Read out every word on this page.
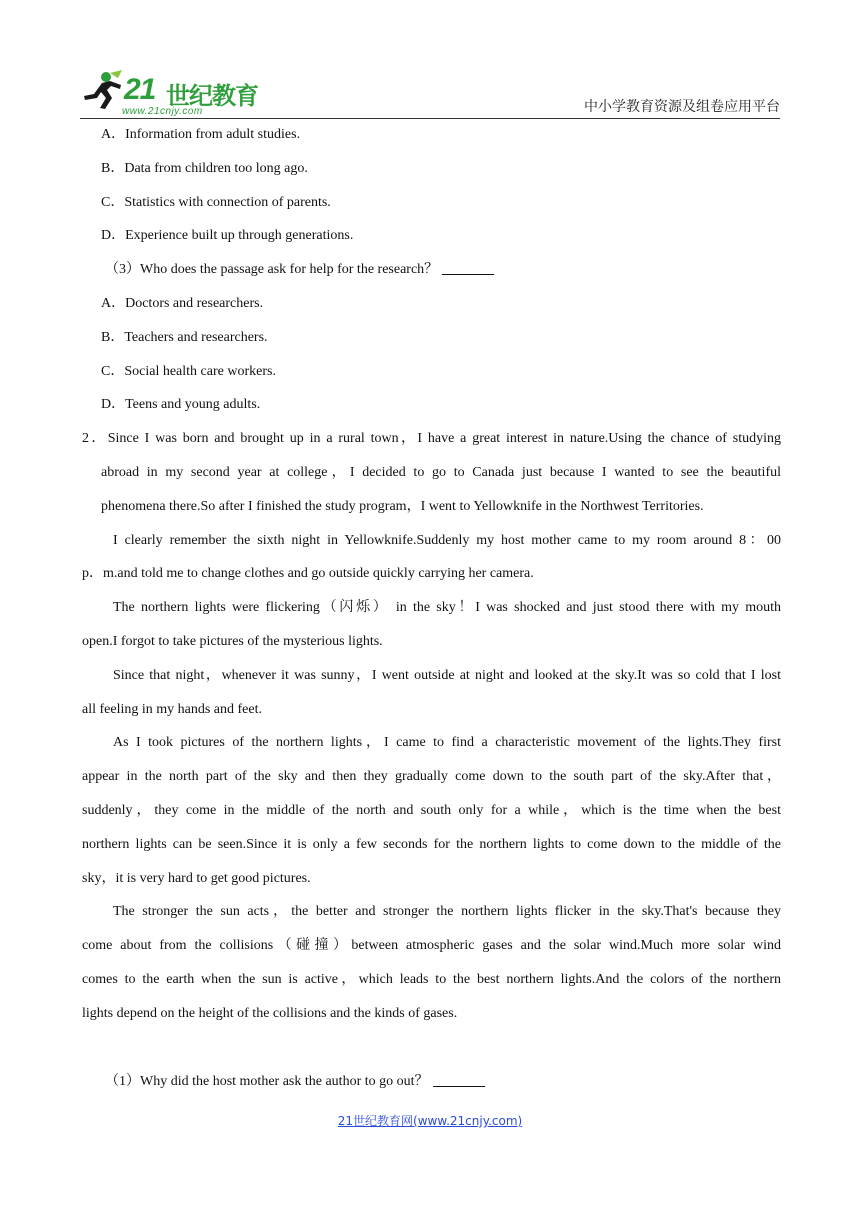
21 世纪教育
www.21cnjy.com	中小学教育资源及组卷应用平台
A．Information from adult studies.
B．Data from children too long ago.
C．Statistics with connection of parents.
D．Experience built up through generations.
（3）Who does the passage ask for help for the research？
A．Doctors and researchers.
B．Teachers and researchers.
C．Social health care workers.
D．Teens and young adults.
2．Since I was born and brought up in a rural town，I have a great interest in nature.Using the chance of studying
abroad in my second year at college，I decided to go to Canada just because I wanted to see the beautiful
phenomena there.So after I finished the study program，I went to Yellowknife in the Northwest Territories.
I clearly remember the sixth night in Yellowknife.Suddenly my host mother came to my room around 8：00
p．m.and told me to change clothes and go outside quickly carrying her camera.
The northern lights were flickering（闪烁） in the sky！I was shocked and just stood there with my mouth
open.I forgot to take pictures of the mysterious lights.
Since that night，whenever it was sunny，I went outside at night and looked at the sky.It was so cold that I lost
all feeling in my hands and feet.
As I took pictures of the northern lights，I came to find a characteristic movement of the lights.They first
appear in the north part of the sky and then they gradually come down to the south part of the sky.After that，
suddenly，they come in the middle of the north and south only for a while，which is the time when the best
northern lights can be seen.Since it is only a few seconds for the northern lights to come down to the middle of the
sky，it is very hard to get good pictures.
The stronger the sun acts，the better and stronger the northern lights flicker in the sky.That's because they
come about from the collisions（碰撞）between atmospheric gases and the solar wind.Much more solar wind
comes to the earth when the sun is active，which leads to the best northern lights.And the colors of the northern
lights depend on the height of the collisions and the kinds of gases.
（1）Why did the host mother ask the author to go out？
21世纪教育网(www.21cnjy.com)
